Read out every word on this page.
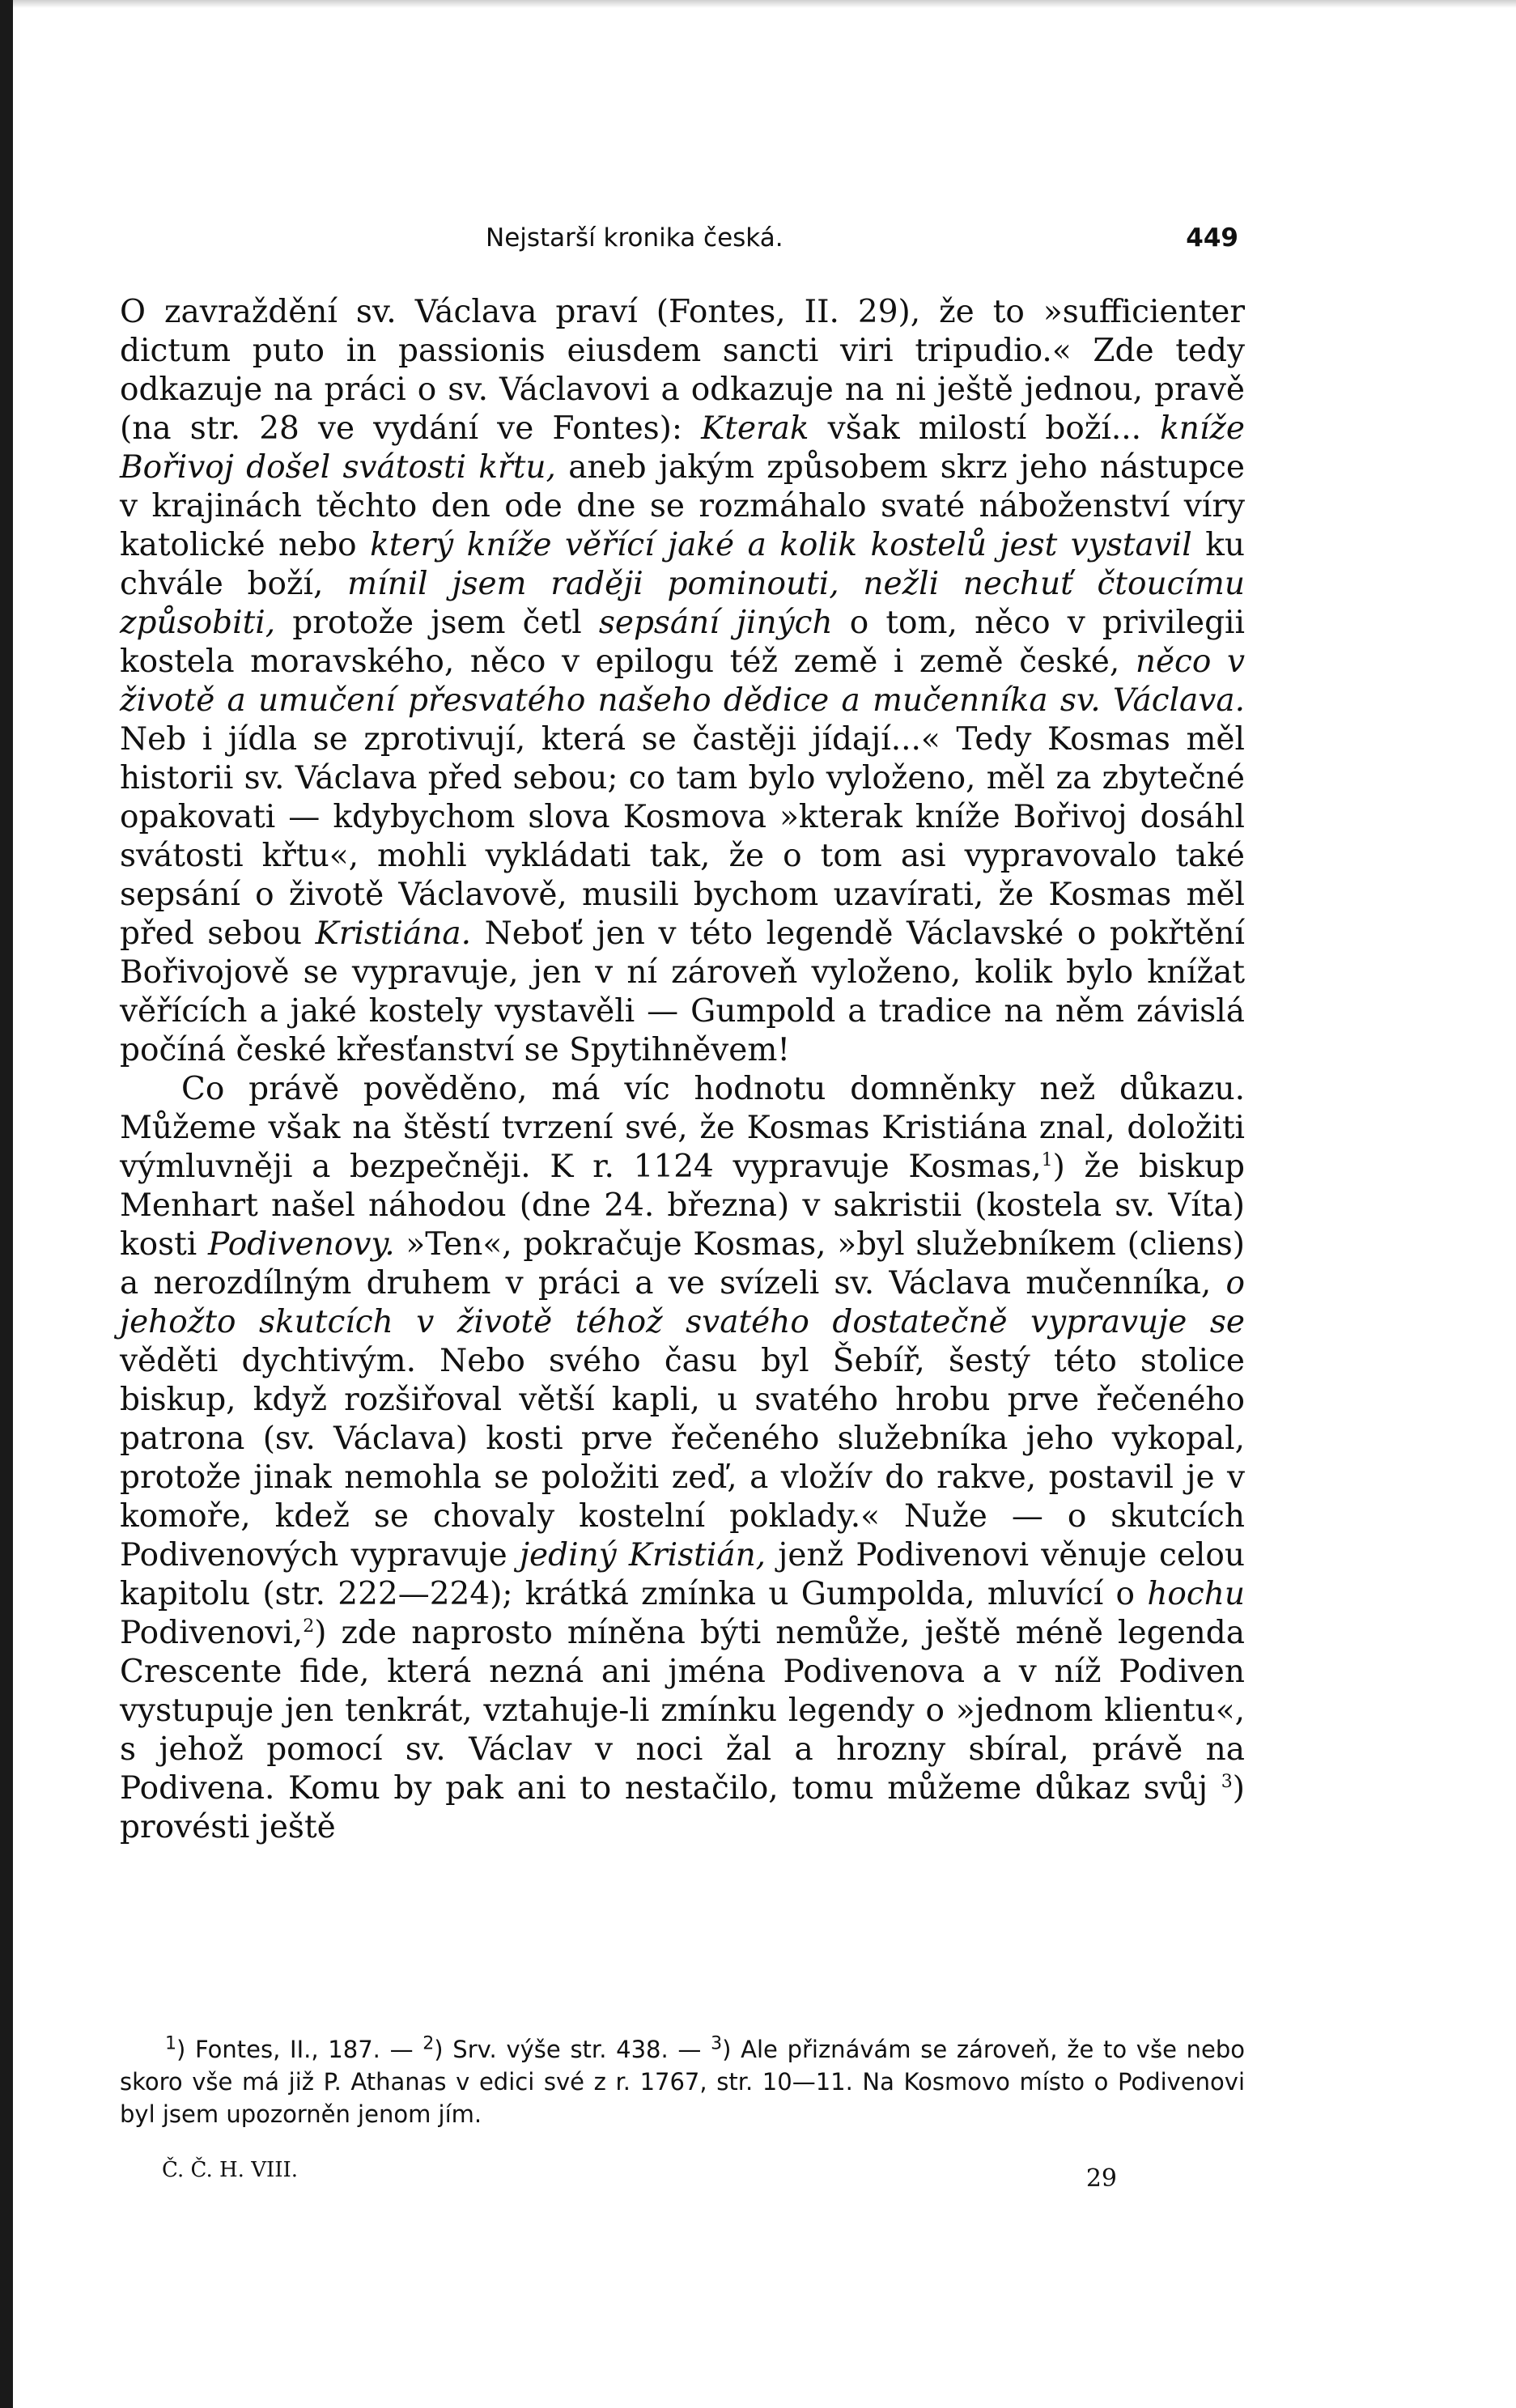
Nejstarší kronika česká.	449

O zavraždění sv. Václava praví (Fontes, II. 29), že to »sufficienter dictum puto in passionis eiusdem sancti viri tripudio.« Zde tedy odkazuje na práci o sv. Václavovi a odkazuje na ni ještě jednou, pravě (na str. 28 ve vydání ve Fontes): Kterak však milostí boží... kníže Bořivoj došel svátosti křtu, aneb jakým způsobem skrz jeho nástupce v krajinách těchto den ode dne se rozmáhalo svaté náboženství víry katolické nebo který kníže věřící jaké a kolik kostelů jest vystavil ku chvále boží, mínil jsem raději pominouti, nežli nechuť čtoucímu způsobiti, protože jsem četl sepsání jiných o tom, něco v privilegii kostela moravského, něco v epilogu též země i země české, něco v životě a umučení přesvatého našeho dědice a mučenníka sv. Václava. Neb i jídla se zprotivují, která se častěji jídají...« Tedy Kosmas měl historii sv. Václava před sebou; co tam bylo vyloženo, měl za zbytečné opakovati — kdybychom slova Kosmova »kterak kníže Bořivoj dosáhl svátosti křtu«, mohli vykládati tak, že o tom asi vypravovalo také sepsání o životě Václavově, musili bychom uzavírati, že Kosmas měl před sebou Kristiána. Neboť jen v této legendě Václavské o pokřtění Bořivojově se vypravuje, jen v ní zároveň vyloženo, kolik bylo knížat věřících a jaké kostely vystavěli — Gumpold a tradice na něm závislá počíná české křesťanství se Spytihněvem!

Co právě pověděno, má víc hodnotu domněnky než důkazu. Můžeme však na štěstí tvrzení své, že Kosmas Kristiána znal, doložiti výmluvněji a bezpečněji. K r. 1124 vypravuje Kosmas,$^1$) že biskup Menhart našel náhodou (dne 24. března) v sakristii (kostela sv. Víta) kosti Podivenovy. »Ten«, pokračuje Kosmas, »byl služebníkem (cliens) a nerozdílným druhem v práci a ve svízeli sv. Václava mučenníka, o jehožto skutcích v životě téhož svatého dostatečně vypravuje se věděti dychtivým. Nebo svého času byl Šebíř, šestý této stolice biskup, když rozšiřoval větší kapli, u svatého hrobu prve řečeného patrona (sv. Václava) kosti prve řečeného služebníka jeho vykopal, protože jinak nemohla se položiti zeď, a vložív do rakve, postavil je v komoře, kdež se chovaly kostelní poklady.« Nuže — o skutcích Podivenových vypravuje jediný Kristián, jenž Podivenovi věnuje celou kapitolu (str. 222—224); krátká zmínka u Gumpolda, mluvící o hochu Podivenovi,$^2$) zde naprosto míněna býti nemůže, ještě méně legenda Crescente fide, která nezná ani jména Podivenova a v níž Podiven vystupuje jen tenkrát, vztahuje-li zmínku legendy o »jednom klientu«, s jehož pomocí sv. Václav v noci žal a hrozny sbíral, právě na Podivena. Komu by pak ani to nestačilo, tomu můžeme důkaz svůj $^3$) provésti ještě

$^1$) Fontes, II., 187. — $^2$) Srv. výše str. 438. — $^3$) Ale přiznávám se zároveň, že to vše nebo skoro vše má již P. Athanas v edici své z r. 1767, str. 10—11. Na Kosmovo místo o Podivenovi byl jsem upozorněn jenom jím.

Č. Č. H. VIII.	29
